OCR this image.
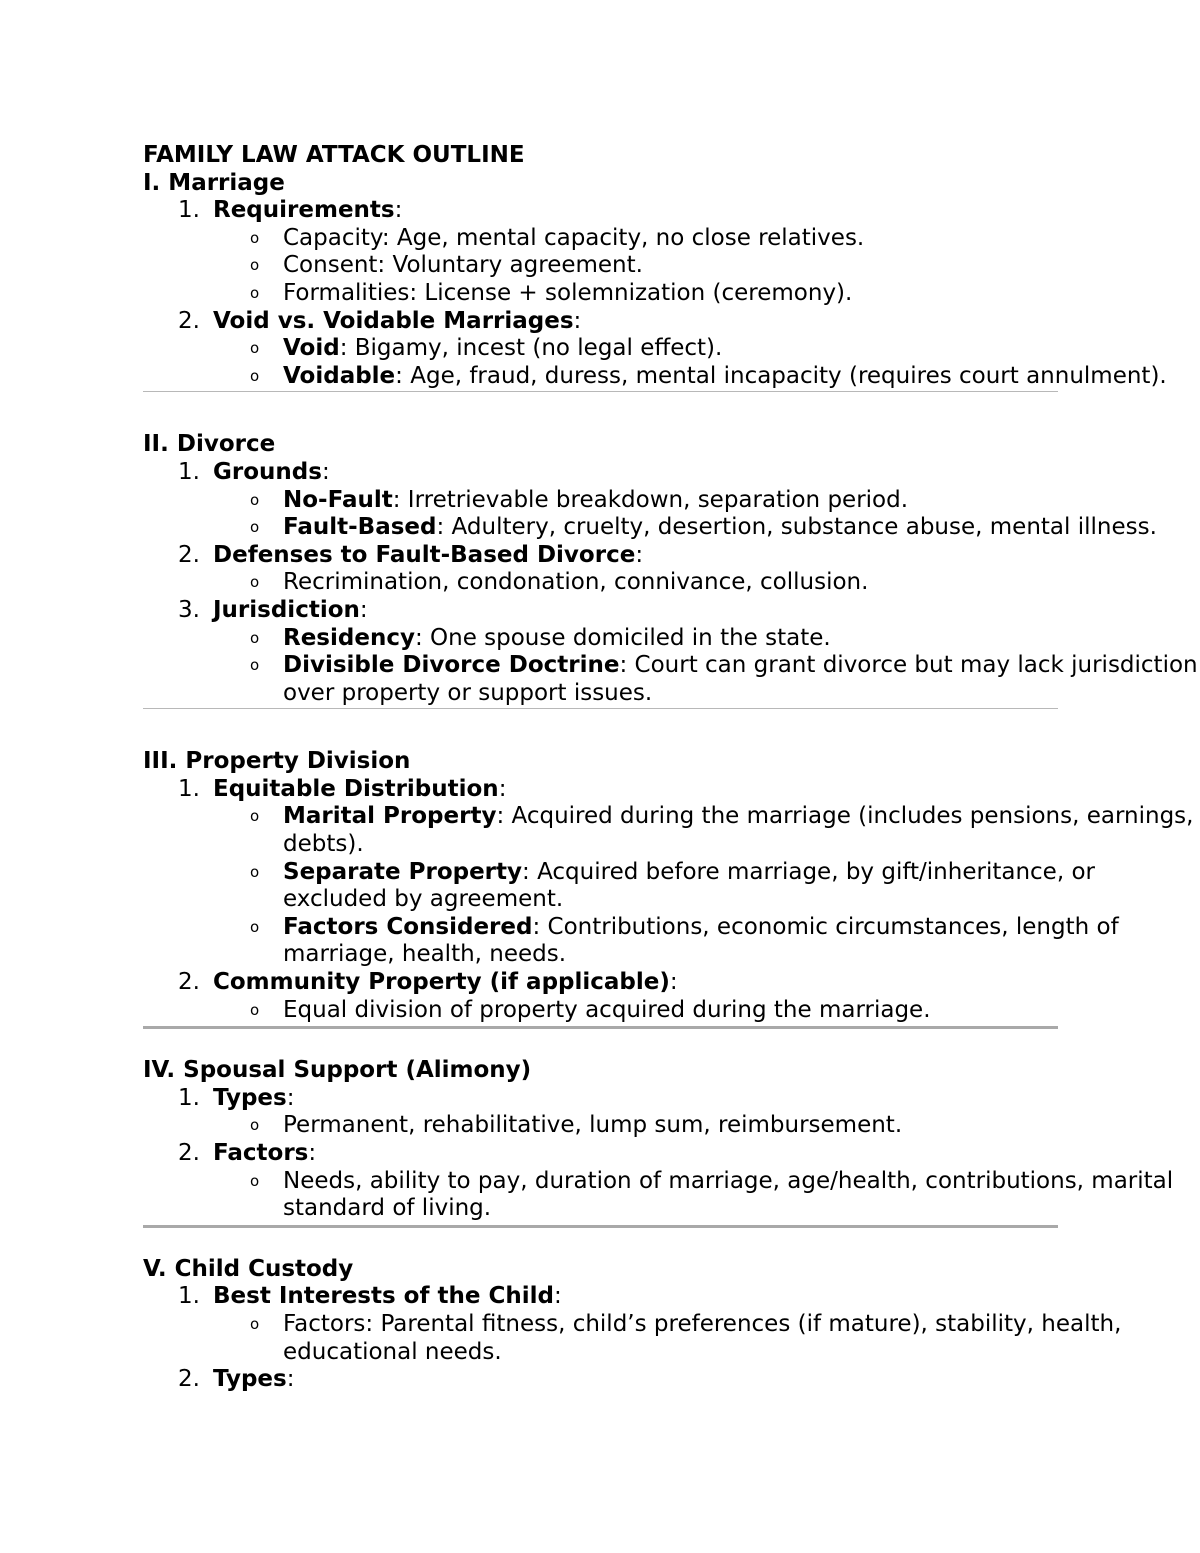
FAMILY LAW ATTACK OUTLINE
I. Marriage
1. Requirements:
o Capacity: Age, mental capacity, no close relatives.
o Consent: Voluntary agreement.
o Formalities: License + solemnization (ceremony).
2. Void vs. Voidable Marriages:
o Void: Bigamy, incest (no legal effect).
o Voidable: Age, fraud, duress, mental incapacity (requires court annulment).
II. Divorce
1. Grounds:
o No-Fault: Irretrievable breakdown, separation period.
o Fault-Based: Adultery, cruelty, desertion, substance abuse, mental illness.
2. Defenses to Fault-Based Divorce:
o Recrimination, condonation, connivance, collusion.
3. Jurisdiction:
o Residency: One spouse domiciled in the state.
o Divisible Divorce Doctrine: Court can grant divorce but may lack jurisdiction over property or support issues.
III. Property Division
1. Equitable Distribution:
o Marital Property: Acquired during the marriage (includes pensions, earnings, debts).
o Separate Property: Acquired before marriage, by gift/inheritance, or excluded by agreement.
o Factors Considered: Contributions, economic circumstances, length of marriage, health, needs.
2. Community Property (if applicable):
o Equal division of property acquired during the marriage.
IV. Spousal Support (Alimony)
1. Types:
o Permanent, rehabilitative, lump sum, reimbursement.
2. Factors:
o Needs, ability to pay, duration of marriage, age/health, contributions, marital standard of living.
V. Child Custody
1. Best Interests of the Child:
o Factors: Parental fitness, child’s preferences (if mature), stability, health, educational needs.
2. Types:
